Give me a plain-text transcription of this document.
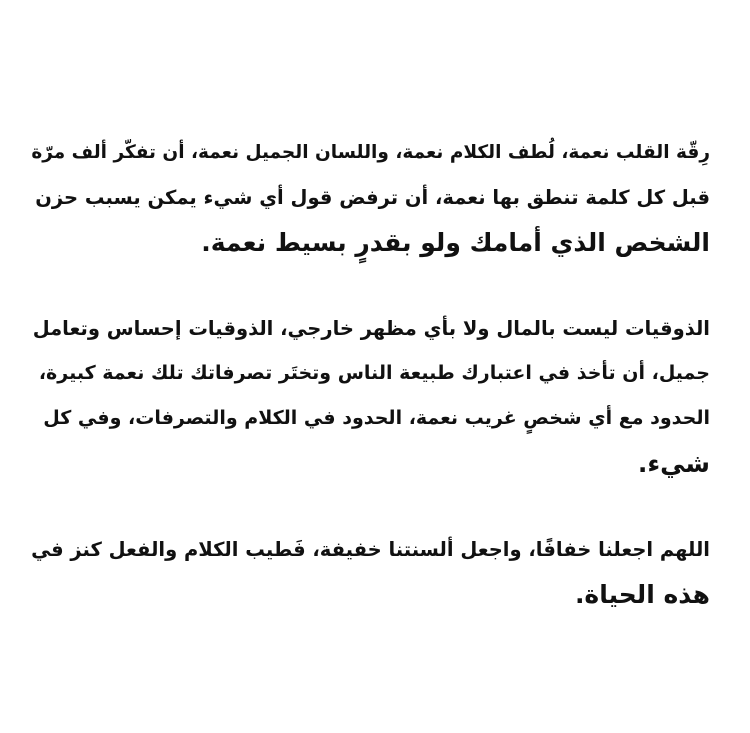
رِقّة القلب نعمة، لُطف الكلام نعمة، واللسان الجميل نعمة، أن تفكّر ألف مرّة
قبل كل كلمة تنطق بها نعمة، أن ترفض قول أي شيء يمكن يسبب حزن
الشخص الذي أمامك ولو بقدرٍ بسيط نعمة.
الذوقيات ليست بالمال ولا بأي مظهر خارجي، الذوقيات إحساس وتعامل
جميل، أن تأخذ في اعتبارك طبيعة الناس وتختَر تصرفاتك تلك نعمة كبيرة،
الحدود مع أي شخصٍ غريب نعمة، الحدود في الكلام والتصرفات، وفي كل
شيء.
اللهم اجعلنا خفافًا، واجعل ألسنتنا خفيفة، فَطيب الكلام والفعل كنز في
هذه الحياة.
